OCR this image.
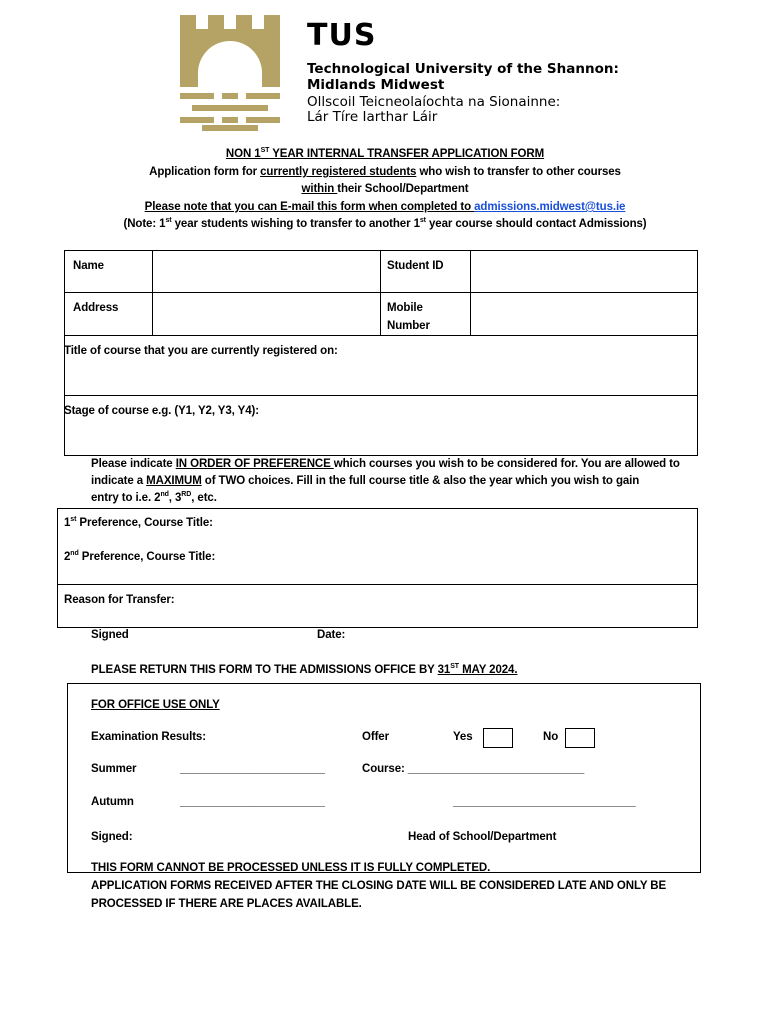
TUS
Technological University of the Shannon:
Midlands Midwest
Ollscoil Teicneolaíochta na Sionainne:
Lár Tíre Iarthar Láir
NON 1ST YEAR INTERNAL TRANSFER APPLICATION FORM
Application form for currently registered students who wish to transfer to other courses
within their School/Department
Please note that you can E-mail this form when completed to admissions.midwest@tus.ie
(Note: 1st year students wishing to transfer to another 1st year course should contact Admissions)
Name	Student ID
Address	Mobile
Number
Title of course that you are currently registered on:
Stage of course e.g. (Y1, Y2, Y3, Y4):
Please indicate IN ORDER OF PREFERENCE which courses you wish to be considered for. You are allowed to
indicate a MAXIMUM of TWO choices. Fill in the full course title & also the year which you wish to gain
entry to i.e. 2nd, 3RD, etc.
1st Preference, Course Title:
2nd Preference, Course Title:
Reason for Transfer:
Signed	Date:
PLEASE RETURN THIS FORM TO THE ADMISSIONS OFFICE BY 31ST MAY 2024.
FOR OFFICE USE ONLY
Examination Results:	Offer	Yes	No
Summer	_______________________	Course: ____________________________
Autumn	_______________________	_____________________________
Signed:	Head of School/Department
THIS FORM CANNOT BE PROCESSED UNLESS IT IS FULLY COMPLETED.
APPLICATION FORMS RECEIVED AFTER THE CLOSING DATE WILL BE CONSIDERED LATE AND ONLY BE
PROCESSED IF THERE ARE PLACES AVAILABLE.
